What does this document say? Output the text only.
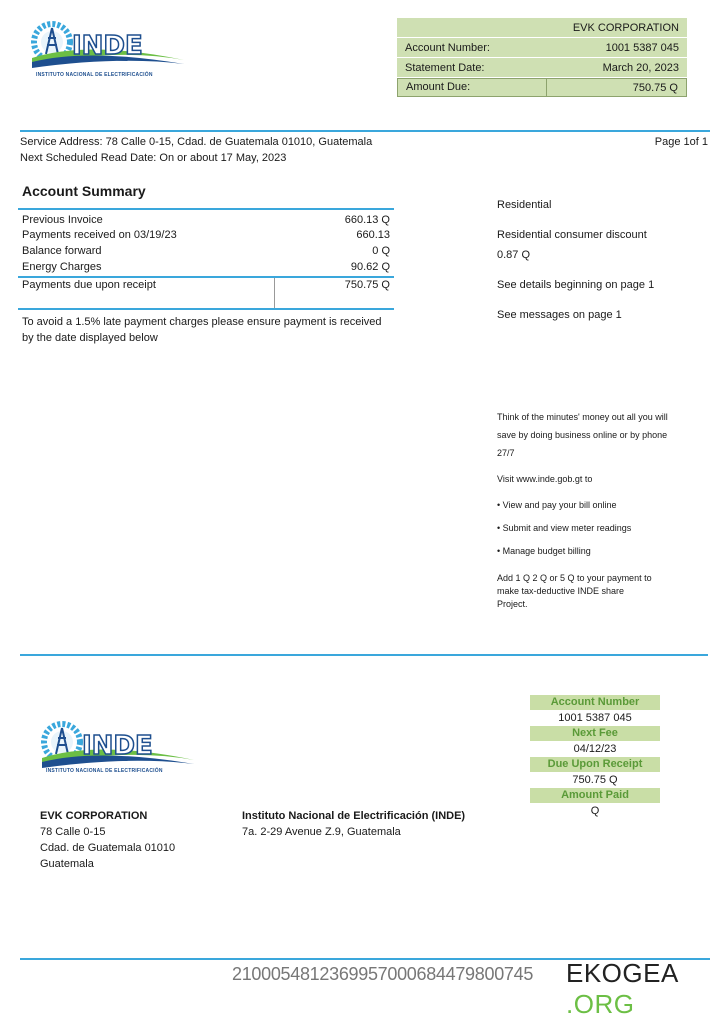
INDE
INSTITUTO NACIONAL DE ELECTRIFICACIÓN
EVK CORPORATION
Account Number:	1001 5387 045
Statement Date:	March 20, 2023
Amount Due:	750.75 Q
Service Address: 78 Calle 0-15, Cdad. de Guatemala 01010, Guatemala
Next Scheduled Read Date: On or about 17 May, 2023
Page 1of 1
Account Summary
Previous Invoice	660.13 Q
Payments received on 03/19/23	660.13
Balance forward	0 Q
Energy Charges	90.62 Q
Payments due upon receipt	750.75 Q
To avoid a 1.5% late payment charges please ensure payment is received by the date displayed below
Residential
Residential consumer discount
0.87 Q
See details beginning on page 1
See messages on page 1
Think of the minutes' money out all you will save by doing business online or by phone 27/7
Visit www.inde.gob.gt to
• View and pay your bill online
• Submit and view meter readings
• Manage budget billing
Add 1 Q 2 Q or 5 Q to your payment to make tax-deductive INDE share Project.
INDE
INSTITUTO NACIONAL DE ELECTRIFICACIÓN
EVK CORPORATION
78 Calle 0-15
Cdad. de Guatemala 01010
Guatemala
Instituto Nacional de Electrificación (INDE)
7a. 2-29 Avenue Z.9, Guatemala
Account Number
1001 5387 045
Next Fee
04/12/23
Due Upon Receipt
750.75 Q
Amount Paid
Q
210005481236995700068447980074​5 EKOGEA .ORG
